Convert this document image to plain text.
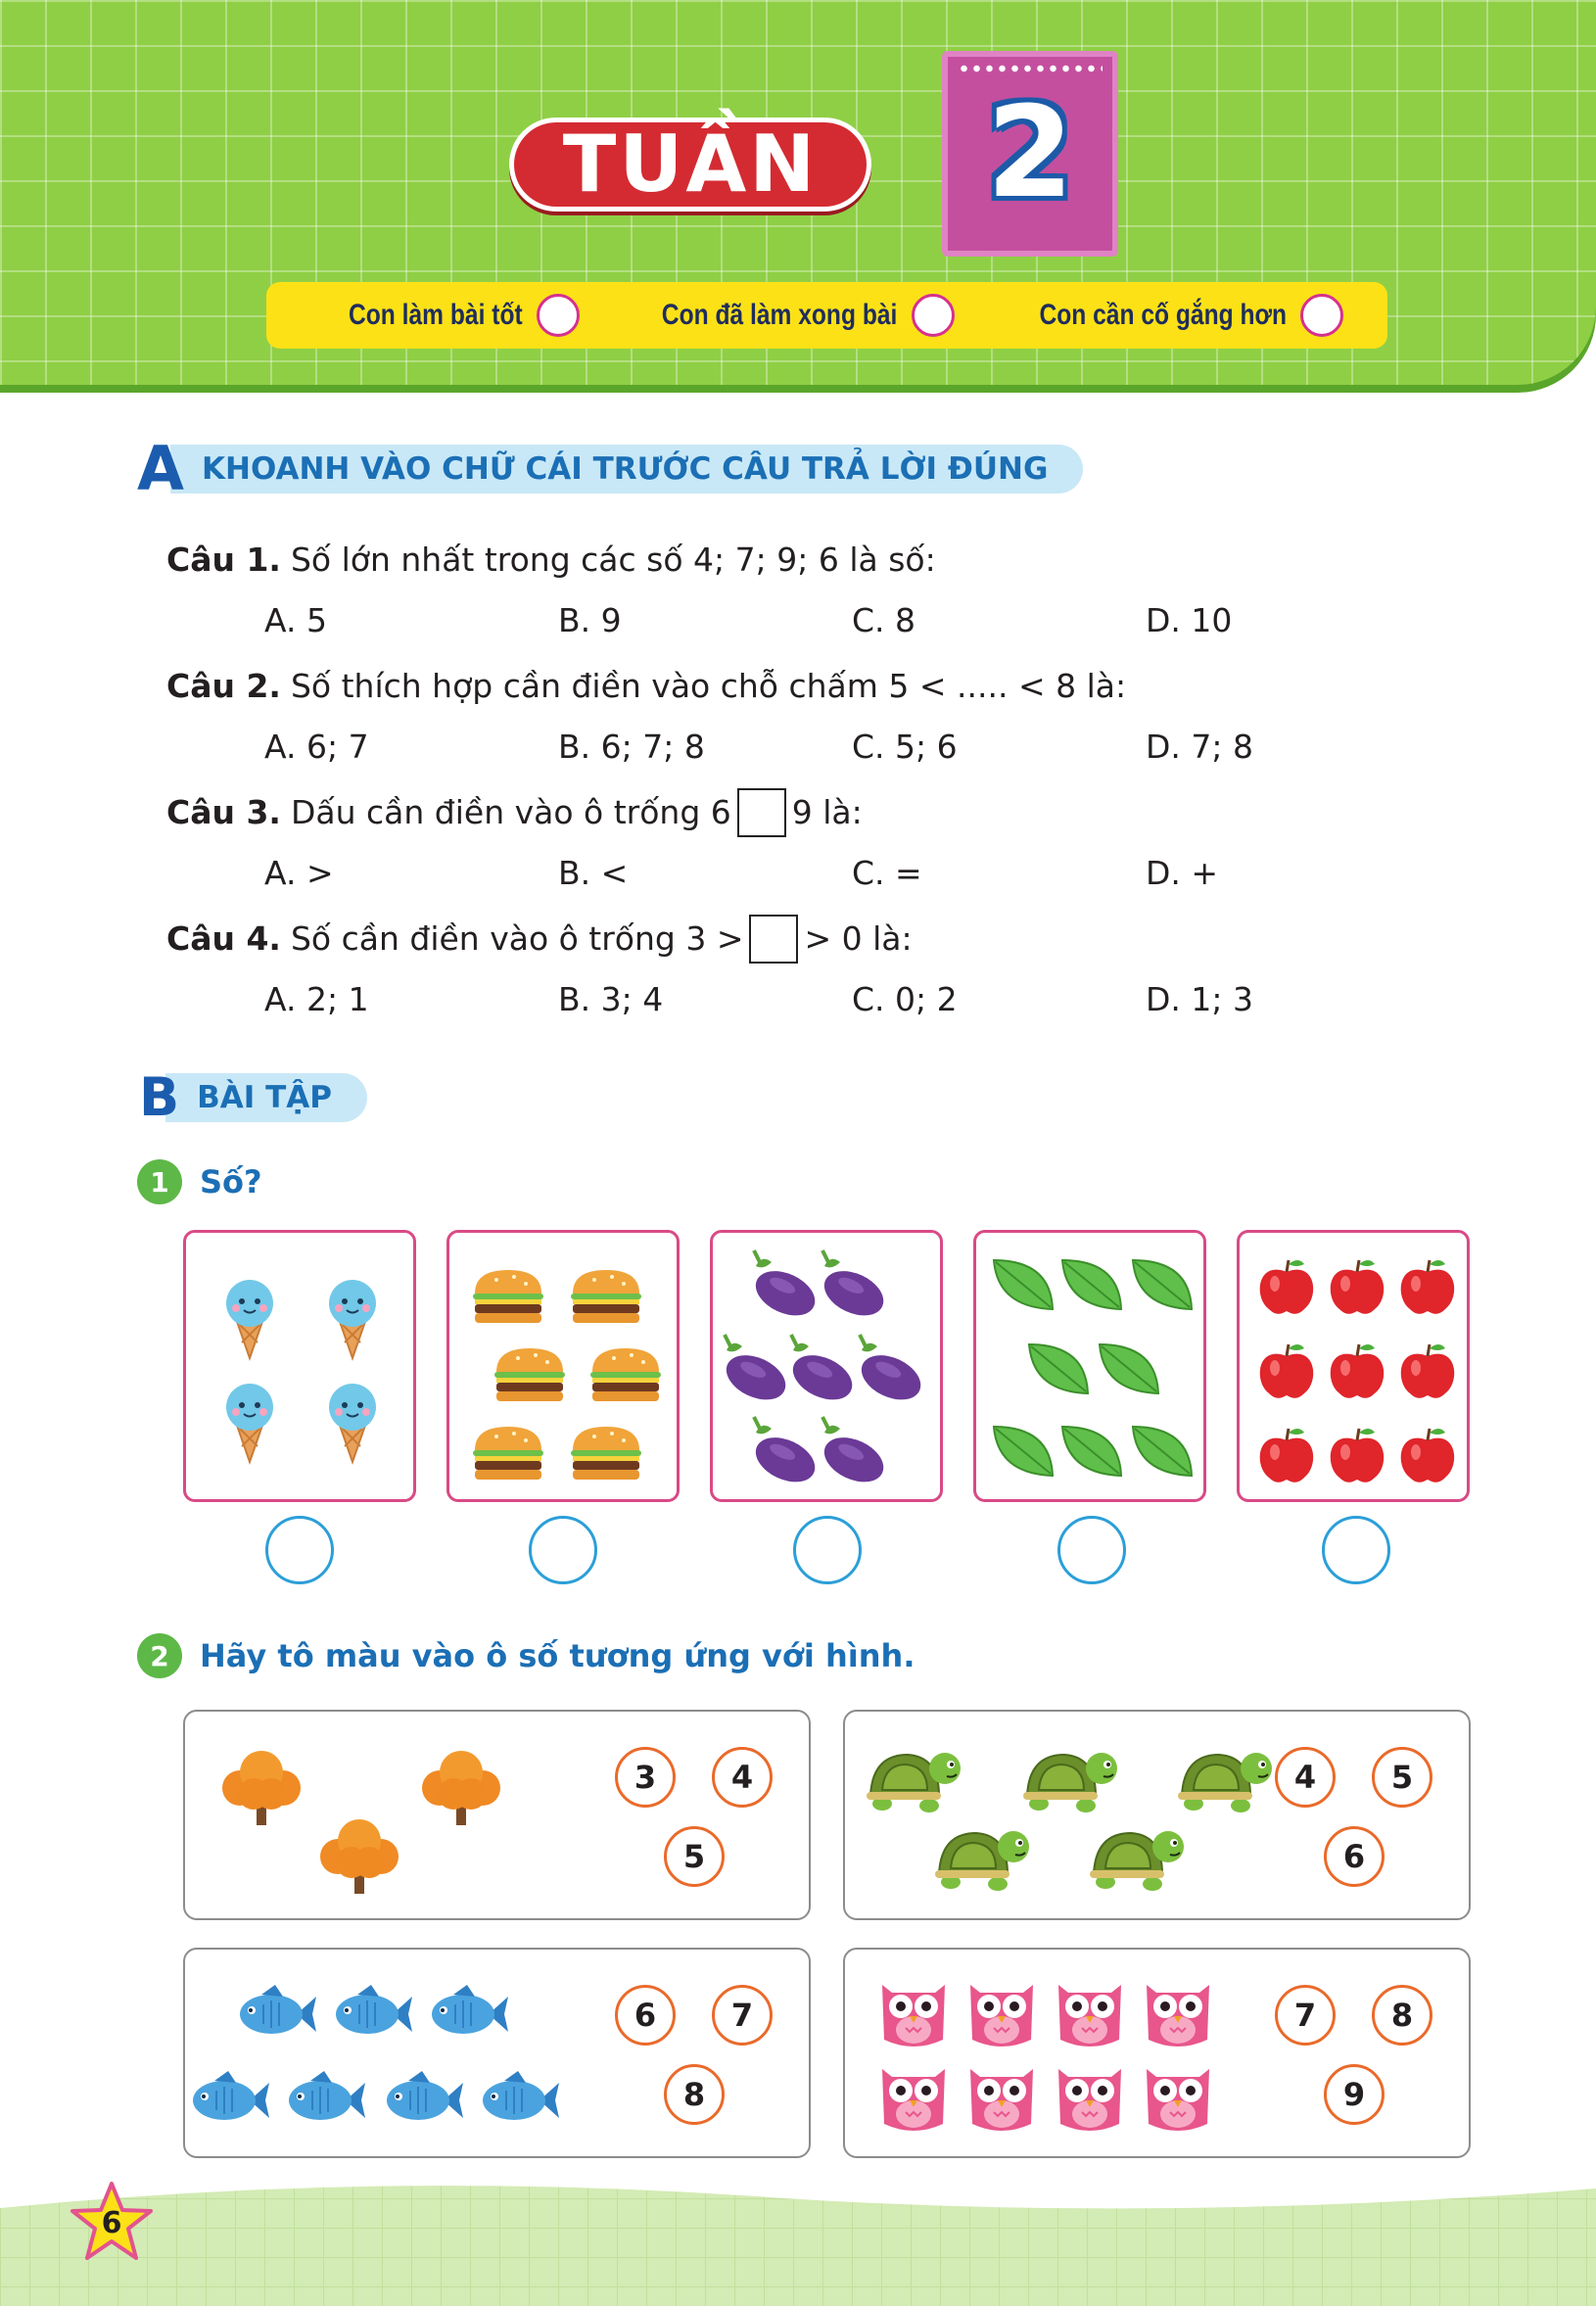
TUẦN 2
Con làm bài tốt	Con đã làm xong bài	Con cần cố gắng hơn
A KHOANH VÀO CHỮ CÁI TRƯỚC CÂU TRẢ LỜI ĐÚNG
Câu 1. Số lớn nhất trong các số 4; 7; 9; 6 là số:
A. 5	B. 9	C. 8	D. 10
Câu 2. Số thích hợp cần điền vào chỗ chấm 5 < ..... < 8 là:
A. 6; 7	B. 6; 7; 8	C. 5; 6	D. 7; 8
Câu 3. Dấu cần điền vào ô trống 6 9 là:
A. >	B. <	C. =	D. +
Câu 4. Số cần điền vào ô trống 3 > > 0 là:
A. 2; 1	B. 3; 4	C. 0; 2	D. 1; 3
B BÀI TẬP
1 Số?
2 Hãy tô màu vào ô số tương ứng với hình.
3	4
5
4	5
6
6	7
8
7	8
9
6
